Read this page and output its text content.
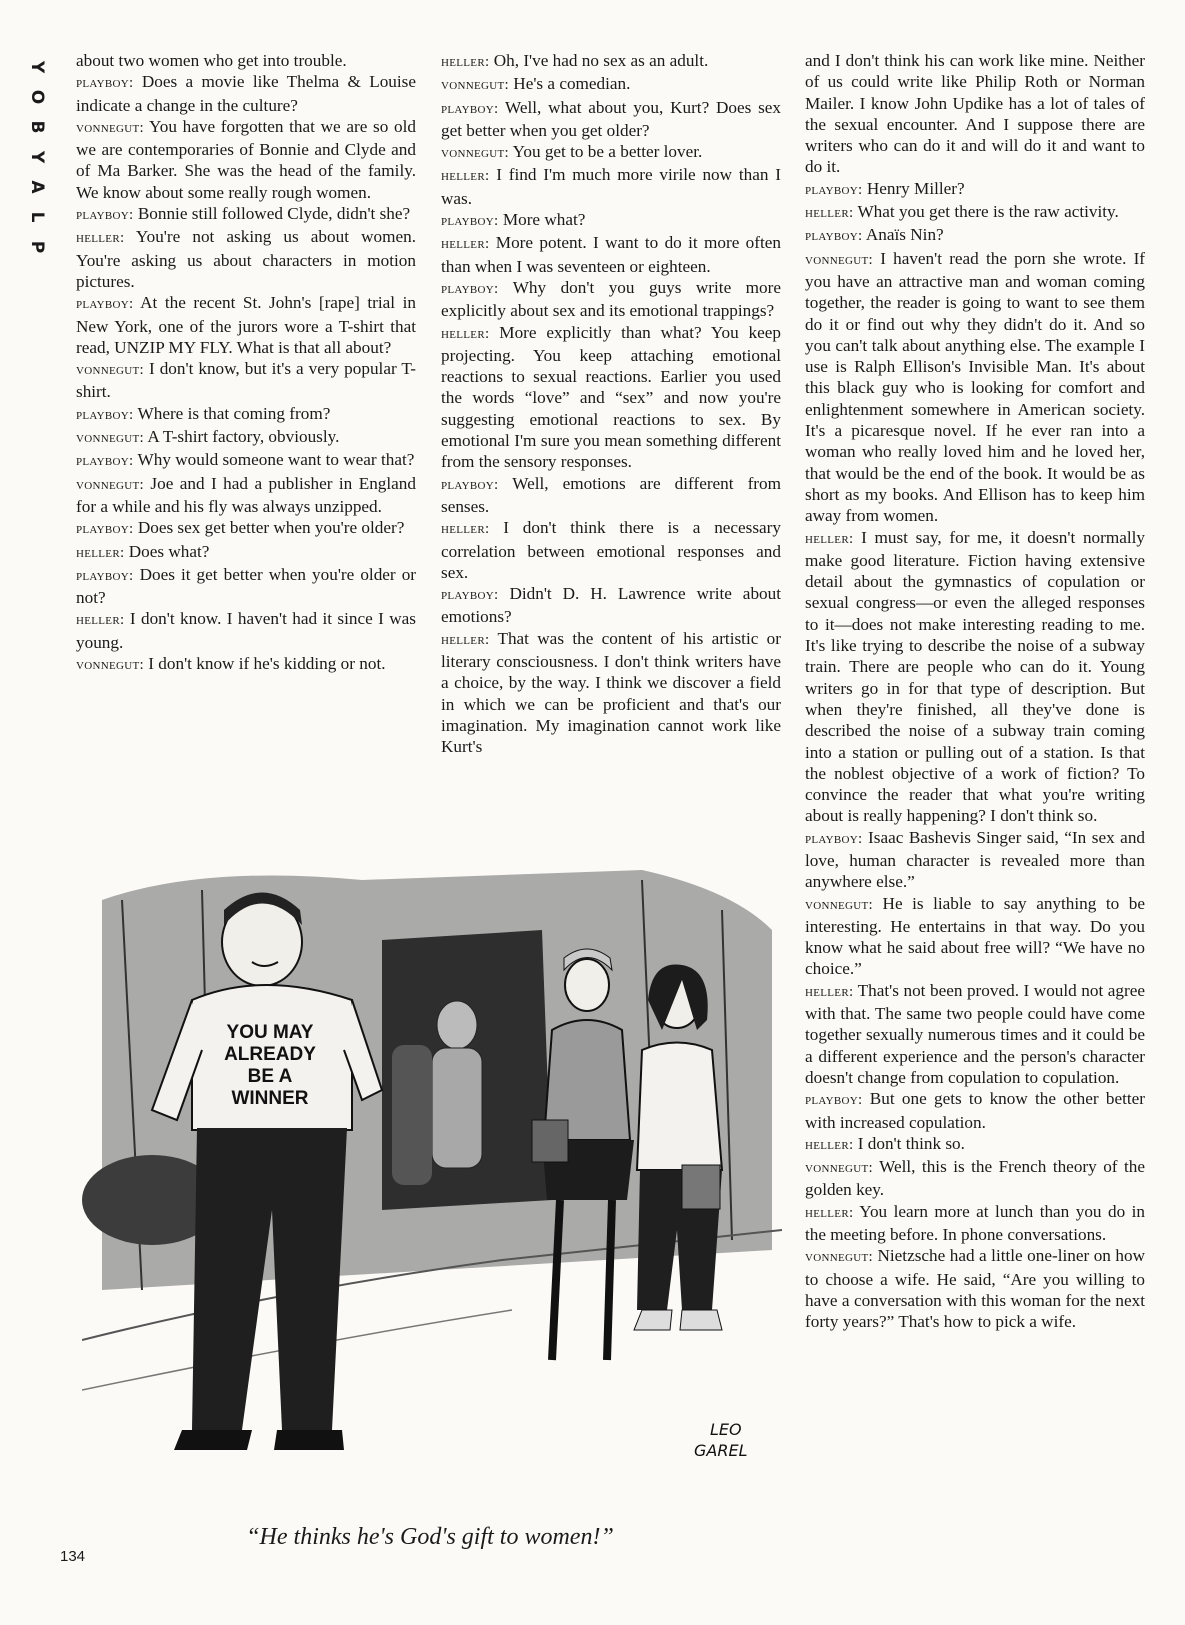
Y
O
B
Y
A
L
P

about two women who get into trouble.

playboy: Does a movie like Thelma & Louise indicate a change in the culture?

vonnegut: You have forgotten that we are so old we are contemporaries of Bonnie and Clyde and of Ma Barker. She was the head of the family. We know about some really rough women.

playboy: Bonnie still followed Clyde, didn't she?

heller: You're not asking us about women. You're asking us about characters in motion pictures.

playboy: At the recent St. John's [rape] trial in New York, one of the jurors wore a T-shirt that read, UNZIP MY FLY. What is that all about?

vonnegut: I don't know, but it's a very popular T-shirt.

playboy: Where is that coming from?

vonnegut: A T-shirt factory, obviously.

playboy: Why would someone want to wear that?

vonnegut: Joe and I had a publisher in England for a while and his fly was always unzipped.

playboy: Does sex get better when you're older?

heller: Does what?

playboy: Does it get better when you're older or not?

heller: I don't know. I haven't had it since I was young.

vonnegut: I don't know if he's kidding or not.

heller: Oh, I've had no sex as an adult.

vonnegut: He's a comedian.

playboy: Well, what about you, Kurt? Does sex get better when you get older?

vonnegut: You get to be a better lover.

heller: I find I'm much more virile now than I was.

playboy: More what?

heller: More potent. I want to do it more often than when I was seventeen or eighteen.

playboy: Why don't you guys write more explicitly about sex and its emotional trappings?

heller: More explicitly than what? You keep projecting. You keep attaching emotional reactions to sexual reactions. Earlier you used the words “love” and “sex” and now you're suggesting emotional reactions to sex. By emotional I'm sure you mean something different from the sensory responses.

playboy: Well, emotions are different from senses.

heller: I don't think there is a necessary correlation between emotional responses and sex.

playboy: Didn't D. H. Lawrence write about emotions?

heller: That was the content of his artistic or literary consciousness. I don't think writers have a choice, by the way. I think we discover a field in which we can be proficient and that's our imagination. My imagination cannot work like Kurt's

and I don't think his can work like mine. Neither of us could write like Philip Roth or Norman Mailer. I know John Updike has a lot of tales of the sexual encounter. And I suppose there are writers who can do it and will do it and want to do it.

playboy: Henry Miller?

heller: What you get there is the raw activity.

playboy: Anaïs Nin?

vonnegut: I haven't read the porn she wrote. If you have an attractive man and woman coming together, the reader is going to want to see them do it or find out why they didn't do it. And so you can't talk about anything else. The example I use is Ralph Ellison's Invisible Man. It's about this black guy who is looking for comfort and enlightenment somewhere in American society. It's a picaresque novel. If he ever ran into a woman who really loved him and he loved her, that would be the end of the book. It would be as short as my books. And Ellison has to keep him away from women.

heller: I must say, for me, it doesn't normally make good literature. Fiction having extensive detail about the gymnastics of copulation or sexual congress—or even the alleged responses to it—does not make interesting reading to me. It's like trying to describe the noise of a subway train. There are people who can do it. Young writers go in for that type of description. But when they're finished, all they've done is described the noise of a subway train coming into a station or pulling out of a station. Is that the noblest objective of a work of fiction? To convince the reader that what you're writing about is really happening? I don't think so.

playboy: Isaac Bashevis Singer said, “In sex and love, human character is revealed more than anywhere else.”

vonnegut: He is liable to say anything to be interesting. He entertains in that way. Do you know what he said about free will? “We have no choice.”

heller: That's not been proved. I would not agree with that. The same two people could have come together sexually numerous times and it could be a different experience and the person's character doesn't change from copulation to copulation.

playboy: But one gets to know the other better with increased copulation.

heller: I don't think so.

vonnegut: Well, this is the French theory of the golden key.

heller: You learn more at lunch than you do in the meeting before. In phone conversations.

vonnegut: Nietzsche had a little one-liner on how to choose a wife. He said, “Are you willing to have a conversation with this woman for the next forty years?” That's how to pick a wife.

YOU MAY
ALREADY
BE A
WINNER
LEO
GAREL
“He thinks he's God's gift to women!”
134
